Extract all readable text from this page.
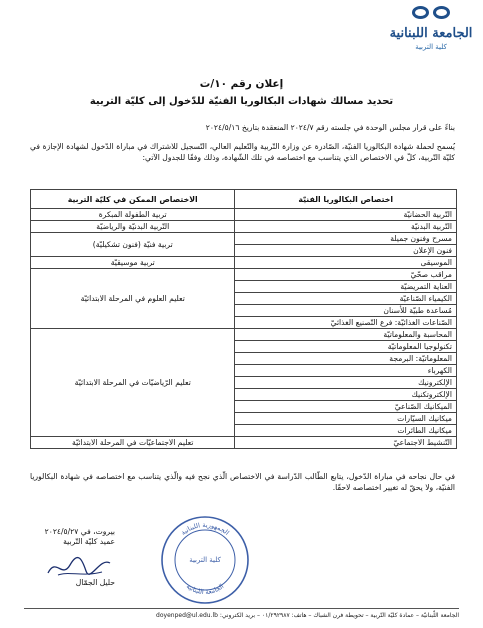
الجامعة اللبنانية
كلية التربية
إعلان رقم ١٠/ت
تحديد مسالك شهادات البكالوريا الفنيّة للدّخول إلى كليّة التربية
بناءً على قرار مجلس الوحدة في جلسته رقم ٢٠٢٤/٧ المنعقدة بتاريخ ٢٠٢٤/٥/١٦
يُسمح لحملة شهادة البكالوريا الفنيّة، الصّادرة عن وزارة التّربية والتّعليم العالي، التّسجيل للاشتراك في مباراة الدّخول لشهادة الإجازة في كليّة التّربية، كلّ في الاختصاص الذي يتناسب مع اختصاصه في تلك الشّهادة، وذلك وفقًا للجدول الآتي:
اختصاص البكالوريا الفنيّة	الاختصاص الممكن في كليّة التربية
التّربية الحضانيّة	تربية الطفولة المبكرة
التّربية البدنيّة	التّربية البدنيّة والرياضيّة
مسرح وفنون جميلة	تربية فنيّة (فنون تشكيليّة)
فنون الإعلان	
الموسيقى	تربية موسيقيّة
مراقب صحّيّ	تعليم العلوم في المرحلة الابتدائيّة
العناية التمريضيّة	
الكيمياء الصّناعيّة	
مُساعدة طبيّة للأسنان	
الصّناعات الغذائيّة: فرع التّصنيع الغذائيّ	
المحاسبة والمعلوماتيّة	تعليم الرّياضيّات في المرحلة الابتدائيّة
تكنولوجيا المعلوماتيّة	
المعلوماتيّة: البرمجة	
الكهرباء	
الإلكترونيك	
الإلكتروتكنيك	
الميكانيك الصّناعيّ	
ميكانيك السيّارات	
ميكانيك الطائرات	
التّنشيط الاجتماعيّ	تعليم الاجتماعيّات في المرحلة الابتدائيّة
في حال نجاحه في مباراة الدّخول، يتابع الطّالب الدّراسة في الاختصاص الّذي نجح فيه والّذي يتناسب مع اختصاصه في شهادة البكالوريا الفنيّة، ولا يحقّ له تغيير اختصاصه لاحقًا.
بيروت، في ٢٠٢٤/٥/٢٧
عميد كليّة التّربية
حليل الجمّال
الجمهورية اللبنانية
كلية التربية
الجامعة اللبنانية
الجامعة اللّبنانيّة – عمادة كليّة التّربية – تحويطة فرن الشباك – هاتف: ٠١/٢٩٢٩٨٧ – بريد الكتروني: doyenped@ul.edu.lb
